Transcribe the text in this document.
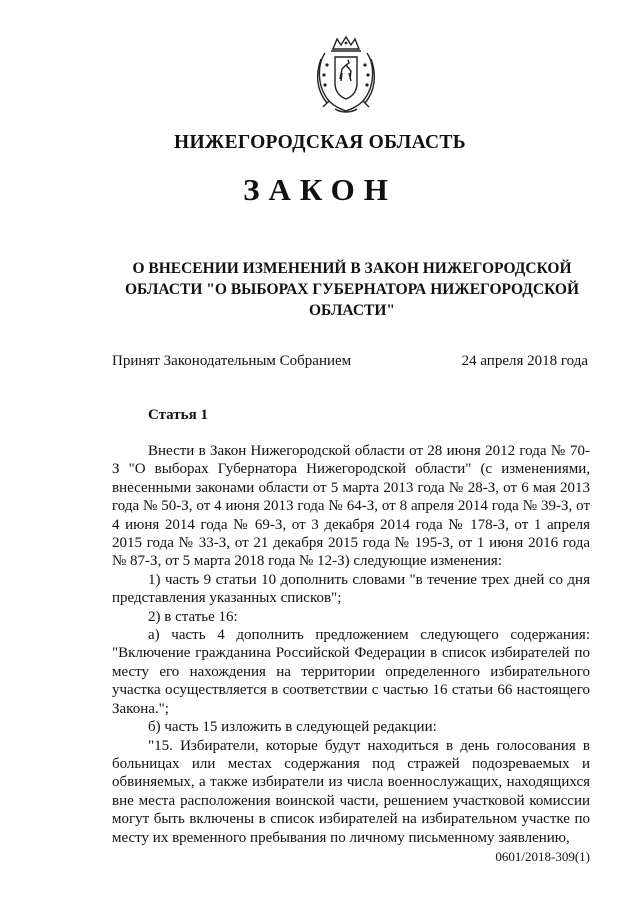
НИЖЕГОРОДСКАЯ ОБЛАСТЬ
ЗАКОН
О ВНЕСЕНИИ ИЗМЕНЕНИЙ В ЗАКОН НИЖЕГОРОДСКОЙ
ОБЛАСТИ "О ВЫБОРАХ ГУБЕРНАТОРА НИЖЕГОРОДСКОЙ
ОБЛАСТИ"
Принят Законодательным Собранием	24 апреля 2018 года
Статья 1

Внести в Закон Нижегородской области от 28 июня 2012 года № 70-З "О выборах Губернатора Нижегородской области" (с изменениями, внесенными законами области от 5 марта 2013 года № 28-З, от 6 мая 2013 года № 50-З, от 4 июня 2013 года № 64-З, от 8 апреля 2014 года № 39-З, от 4 июня 2014 года № 69-З, от 3 декабря 2014 года № 178-З, от 1 апреля 2015 года № 33-З, от 21 декабря 2015 года № 195-З, от 1 июня 2016 года № 87-З, от 5 марта 2018 года № 12-З) следующие изменения:

1) часть 9 статьи 10 дополнить словами "в течение трех дней со дня представления указанных списков";

2) в статье 16:

а) часть 4 дополнить предложением следующего содержания: "Включение гражданина Российской Федерации в список избирателей по месту его нахождения на территории определенного избирательного участка осуществляется в соответствии с частью 16 статьи 66 настоящего Закона.";

б) часть 15 изложить в следующей редакции:

"15. Избиратели, которые будут находиться в день голосования в больницах или местах содержания под стражей подозреваемых и обвиняемых, а также избиратели из числа военнослужащих, находящихся вне места расположения воинской части, решением участковой комиссии могут быть включены в список избирателей на избирательном участке по месту их временного пребывания по личному письменному заявлению,

0601/2018-309(1)
